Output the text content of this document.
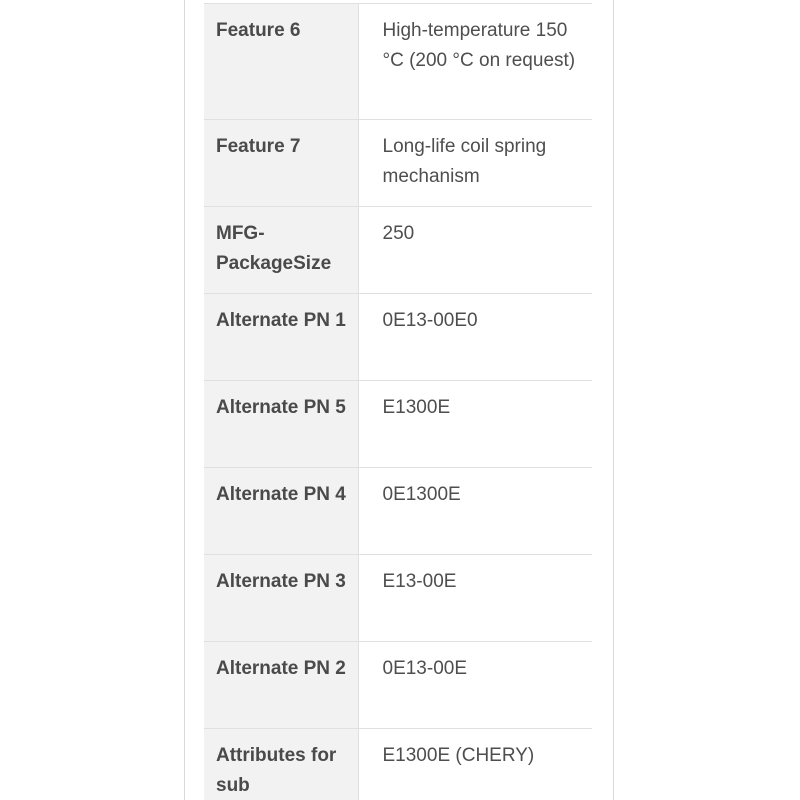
Feature 6	High-temperature 150 °C (200 °C on request)
Feature 7	Long-life coil spring mechanism
MFG-PackageSize	250
Alternate PN 1	0E13-00E0
Alternate PN 5	E1300E
Alternate PN 4	0E1300E
Alternate PN 3	E13-00E
Alternate PN 2	0E13-00E
Attributes for sub	E1300E (CHERY)
